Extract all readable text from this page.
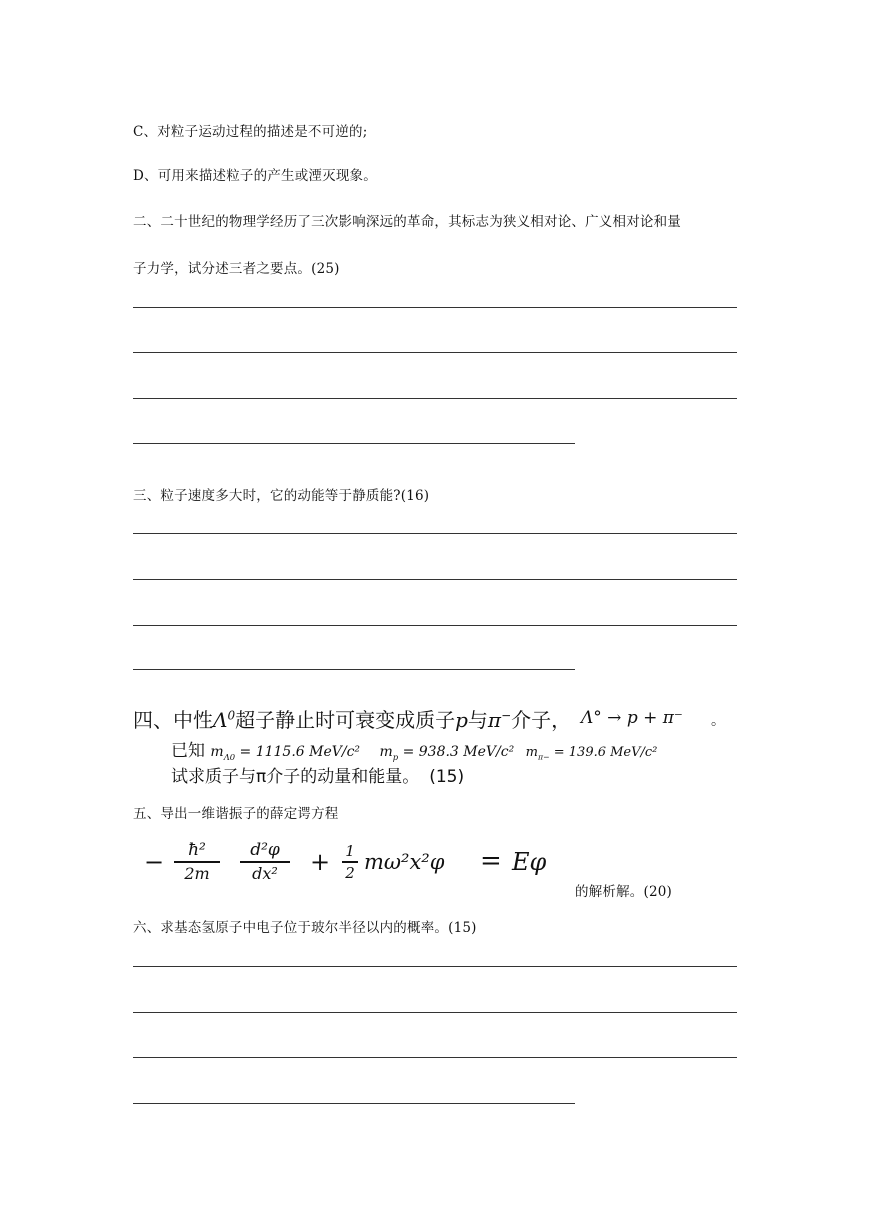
C、对粒子运动过程的描述是不可逆的;
D、可用来描述粒子的产生或湮灭现象。
二、二十世纪的物理学经历了三次影响深远的革命，其标志为狭义相对论、广义相对论和量
子力学，试分述三者之要点。(25)
三、粒子速度多大时，它的动能等于静质能?(16)
四、中性$\Lambda^0$超子静止时可衰变成质子p与π−介子， Λ° → p + π⁻ 。
已知 $m_{\Lambda 0} = 1115.6$ MeV/c² $m_p = 938.3$ MeV/c² $m_{\pi-} = 139.6$ MeV/c²
试求质子与π介子的动量和能量。 (15)
五、导出一维谐振子的薛定谔方程
−	ħ²
2m
d²φ
dx²	+ 1
2 mω²x²φ = Eφ
的解析解。(20)
六、求基态氢原子中电子位于玻尔半径以内的概率。(15)
